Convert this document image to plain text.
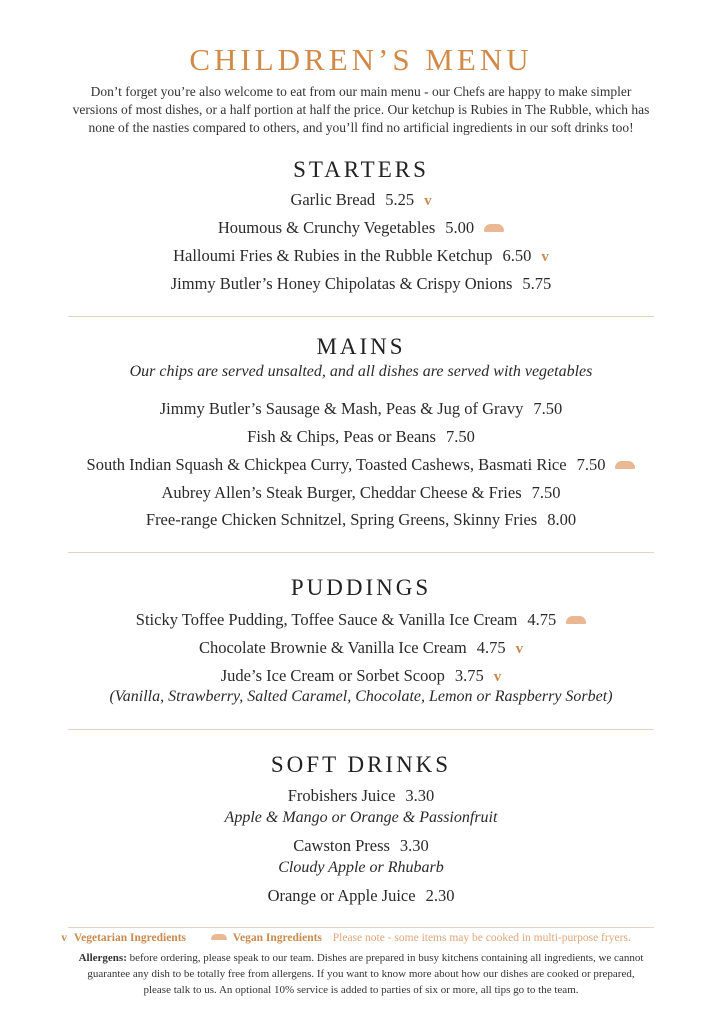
CHILDREN’S MENU
Don’t forget you’re also welcome to eat from our main menu - our Chefs are happy to make simpler
versions of most dishes, or a half portion at half the price. Our ketchup is Rubies in The Rubble, which has
none of the nasties compared to others, and you’ll find no artificial ingredients in our soft drinks too!
STARTERS
Garlic Bread 5.25 v
Houmous & Crunchy Vegetables 5.00
Halloumi Fries & Rubies in the Rubble Ketchup 6.50 v
Jimmy Butler’s Honey Chipolatas & Crispy Onions 5.75
MAINS
Our chips are served unsalted, and all dishes are served with vegetables
Jimmy Butler’s Sausage & Mash, Peas & Jug of Gravy 7.50
Fish & Chips, Peas or Beans 7.50
South Indian Squash & Chickpea Curry, Toasted Cashews, Basmati Rice 7.50
Aubrey Allen’s Steak Burger, Cheddar Cheese & Fries 7.50
Free-range Chicken Schnitzel, Spring Greens, Skinny Fries 8.00
PUDDINGS
Sticky Toffee Pudding, Toffee Sauce & Vanilla Ice Cream 4.75
Chocolate Brownie & Vanilla Ice Cream 4.75 v
Jude’s Ice Cream or Sorbet Scoop 3.75 v
(Vanilla, Strawberry, Salted Caramel, Chocolate, Lemon or Raspberry Sorbet)
SOFT DRINKS
Frobishers Juice 3.30
Apple & Mango or Orange & Passionfruit
Cawston Press 3.30
Cloudy Apple or Rhubarb
Orange or Apple Juice 2.30
v Vegetarian Ingredients	Vegan Ingredients Please note - some items may be cooked in multi-purpose fryers.
Allergens: before ordering, please speak to our team. Dishes are prepared in busy kitchens containing all ingredients, we cannot
guarantee any dish to be totally free from allergens. If you want to know more about how our dishes are cooked or prepared,
please talk to us. An optional 10% service is added to parties of six or more, all tips go to the team.
